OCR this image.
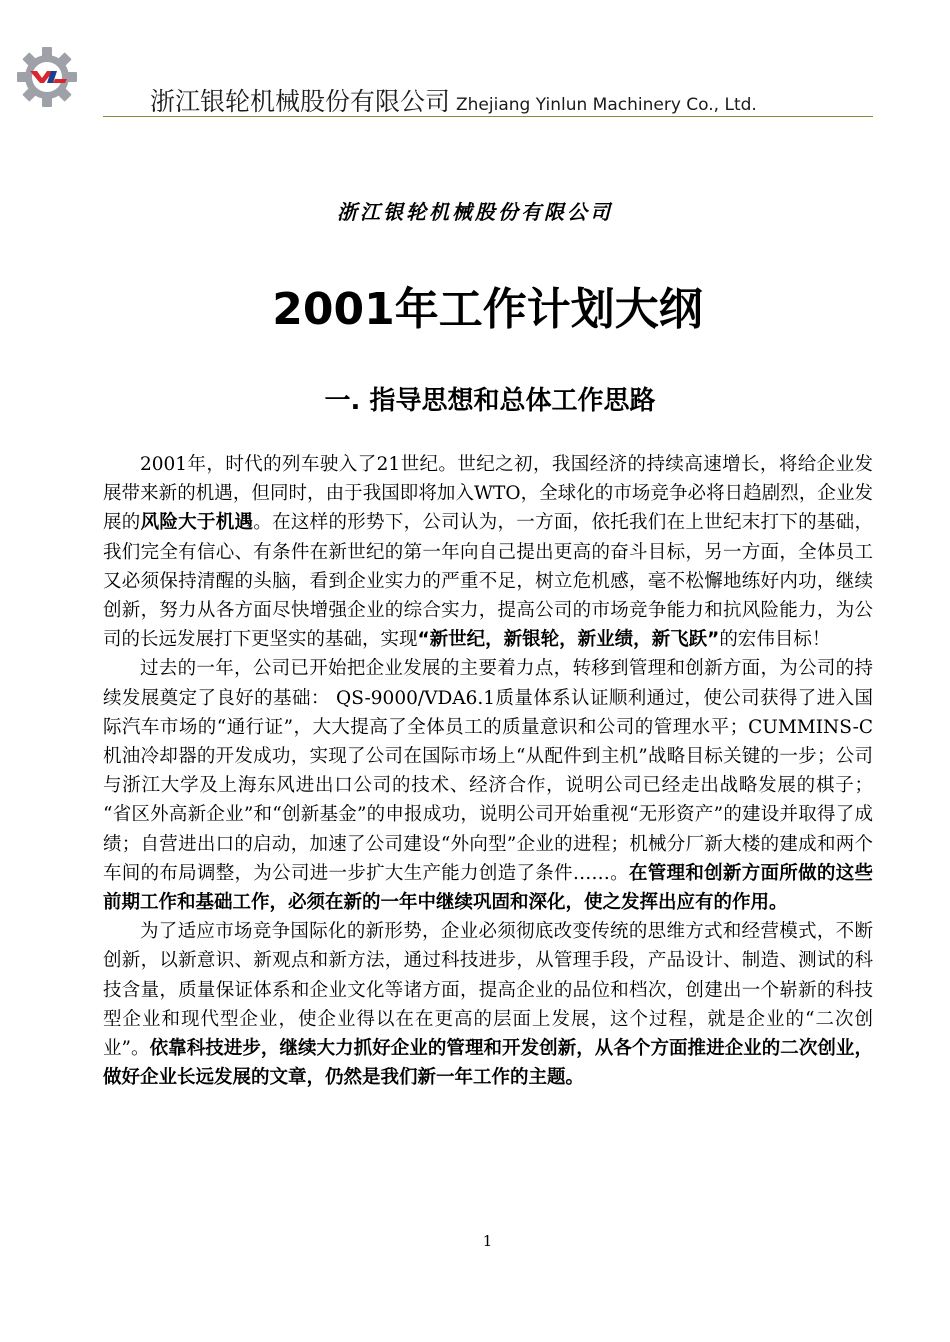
浙江银轮机械股份有限公司 Zhejiang Yinlun Machinery Co., Ltd.
浙江银轮机械股份有限公司
2001年工作计划大纲
一. 指导思想和总体工作思路

2001年，时代的列车驶入了21世纪。世纪之初，我国经济的持续高速增长，将给企业发展带来新的机遇，但同时，由于我国即将加入WTO，全球化的市场竞争必将日趋剧烈，企业发展的风险大于机遇。在这样的形势下，公司认为，一方面，依托我们在上世纪末打下的基础，我们完全有信心、有条件在新世纪的第一年向自己提出更高的奋斗目标，另一方面，全体员工又必须保持清醒的头脑，看到企业实力的严重不足，树立危机感，毫不松懈地练好内功，继续创新，努力从各方面尽快增强企业的综合实力，提高公司的市场竞争能力和抗风险能力，为公司的长远发展打下更坚实的基础，实现“新世纪，新银轮，新业绩，新飞跃”的宏伟目标！

过去的一年，公司已开始把企业发展的主要着力点，转移到管理和创新方面，为公司的持续发展奠定了良好的基础： QS-9000/VDA6.1质量体系认证顺利通过，使公司获得了进入国际汽车市场的“通行证”，大大提高了全体员工的质量意识和公司的管理水平；CUMMINS-C机油冷却器的开发成功，实现了公司在国际市场上“从配件到主机”战略目标关键的一步；公司与浙江大学及上海东风进出口公司的技术、经济合作，说明公司已经走出战略发展的棋子； “省区外高新企业”和“创新基金”的申报成功，说明公司开始重视“无形资产”的建设并取得了成绩；自营进出口的启动，加速了公司建设“外向型”企业的进程；机械分厂新大楼的建成和两个车间的布局调整，为公司进一步扩大生产能力创造了条件……。在管理和创新方面所做的这些前期工作和基础工作，必须在新的一年中继续巩固和深化，使之发挥出应有的作用。

为了适应市场竞争国际化的新形势，企业必须彻底改变传统的思维方式和经营模式，不断创新，以新意识、新观点和新方法，通过科技进步，从管理手段，产品设计、制造、测试的科技含量，质量保证体系和企业文化等诸方面，提高企业的品位和档次，创建出一个崭新的科技型企业和现代型企业，使企业得以在在更高的层面上发展，这个过程，就是企业的“二次创业”。依靠科技进步，继续大力抓好企业的管理和开发创新，从各个方面推进企业的二次创业，做好企业长远发展的文章，仍然是我们新一年工作的主题。

1
